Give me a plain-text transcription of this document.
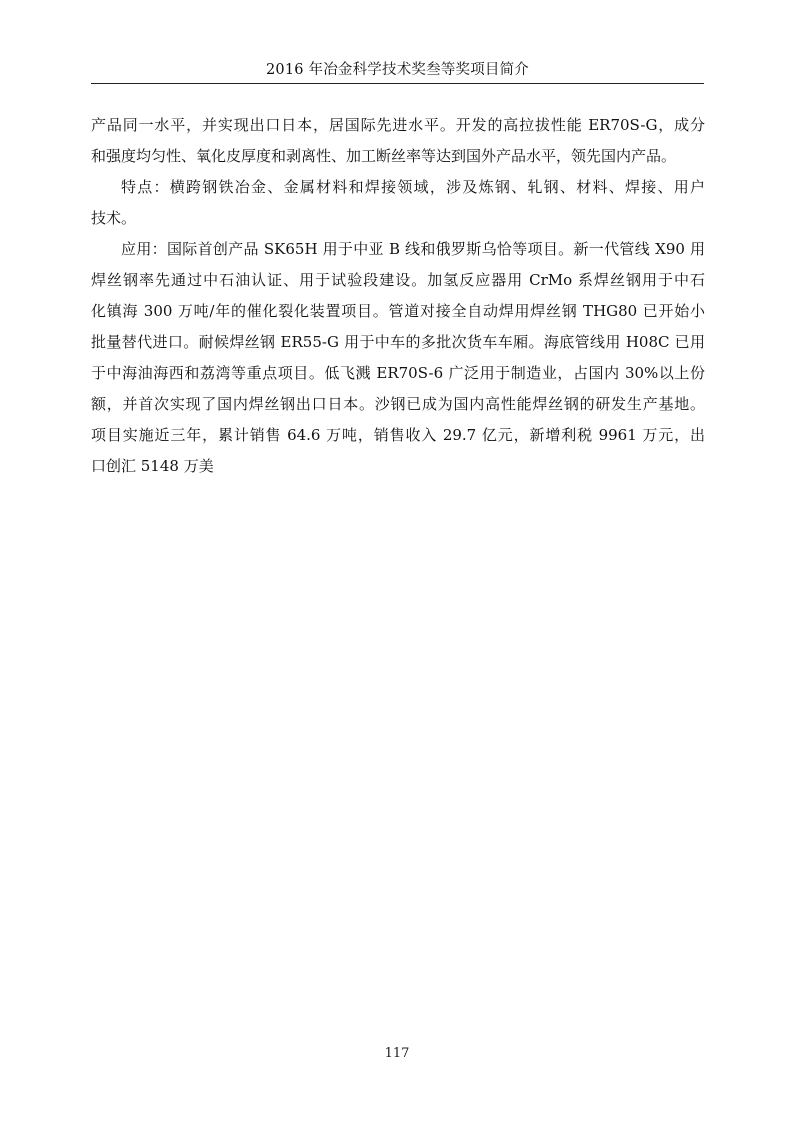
2016 年冶金科学技术奖叁等奖项目简介
产品同一水平，并实现出口日本，居国际先进水平。开发的高拉拔性能 ER70S-G，成分
和强度均匀性、氧化皮厚度和剥离性、加工断丝率等达到国外产品水平，领先国内产品。
特点：横跨钢铁冶金、金属材料和焊接领域，涉及炼钢、轧钢、材料、焊接、用户
技术。
应用：国际首创产品 SK65H 用于中亚 B 线和俄罗斯乌恰等项目。新一代管线 X90 用
焊丝钢率先通过中石油认证、用于试验段建设。加氢反应器用 CrMo 系焊丝钢用于中石
化镇海 300 万吨/年的催化裂化装置项目。管道对接全自动焊用焊丝钢 THG80 已开始小
批量替代进口。耐候焊丝钢 ER55-G 用于中车的多批次货车车厢。海底管线用 H08C 已用
于中海油海西和荔湾等重点项目。低飞溅 ER70S-6 广泛用于制造业，占国内 30%以上份
额，并首次实现了国内焊丝钢出口日本。沙钢已成为国内高性能焊丝钢的研发生产基地。
项目实施近三年，累计销售 64.6 万吨，销售收入 29.7 亿元，新增利税 9961 万元，出
口创汇 5148 万美
117
